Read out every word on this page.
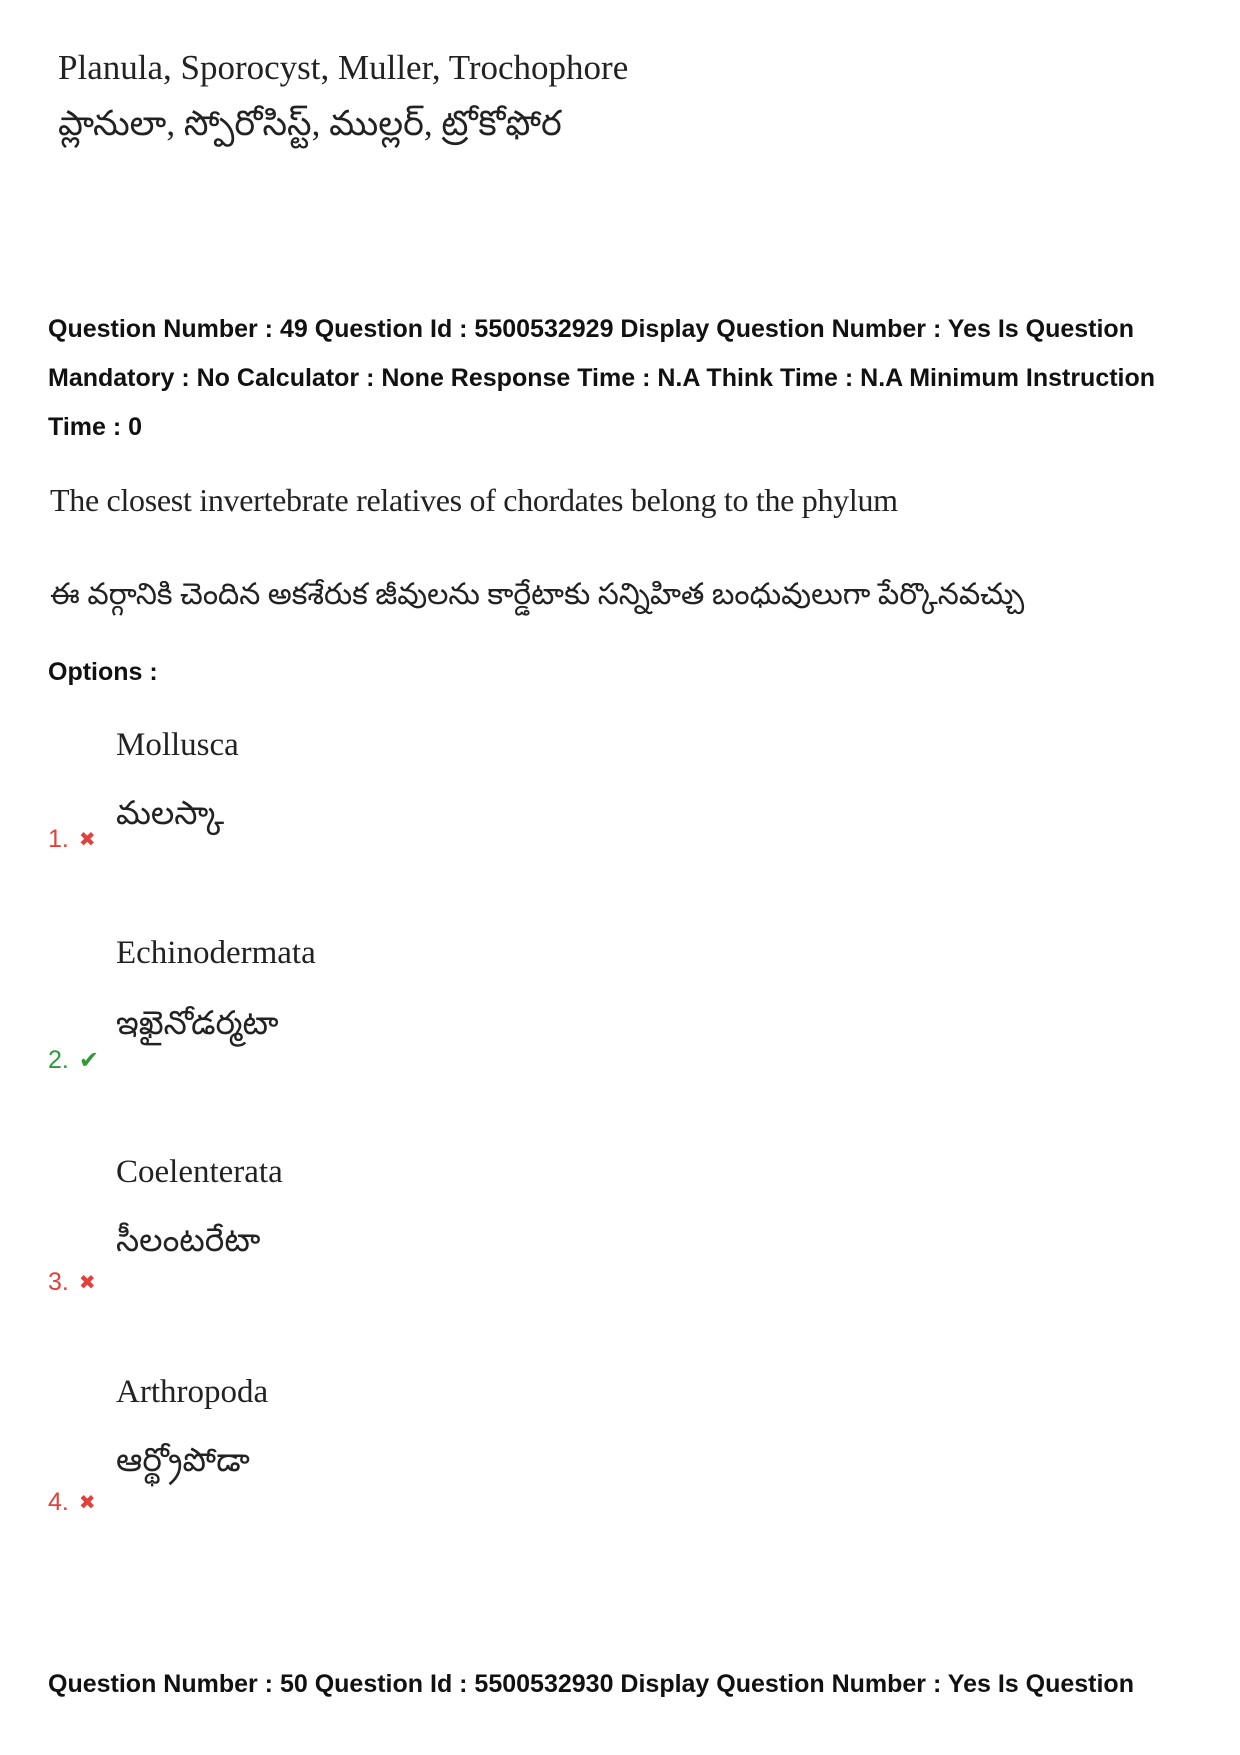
Planula, Sporocyst, Muller, Trochophore
ప్లానులా, స్పోరోసిస్ట్, ముల్లర్, ట్రోకోఫోర
Question Number : 49 Question Id : 5500532929 Display Question Number : Yes Is Question
Mandatory : No Calculator : None Response Time : N.A Think Time : N.A Minimum Instruction
Time : 0
The closest invertebrate relatives of chordates belong to the phylum
ఈ వర్గానికి చెందిన అకశేరుక జీవులను కార్డేటాకు సన్నిహిత బంధువులుగా పేర్కొనవచ్చు
Options :
Mollusca
మలస్కా
1. ✖
Echinodermata
ఇఖైనోడర్మటా
2. ✔
Coelenterata
సీలంటరేటా
3. ✖
Arthropoda
ఆర్థ్రోపోడా
4. ✖
Question Number : 50 Question Id : 5500532930 Display Question Number : Yes Is Question
